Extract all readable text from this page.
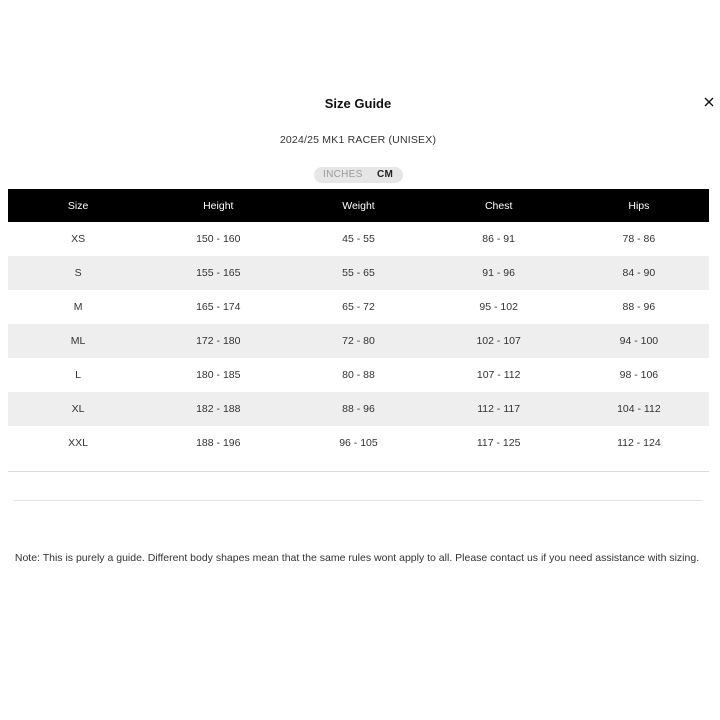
Size Guide
2024/25 MK1 RACER (UNISEX)
INCHES	CM
Size	Height	Weight	Chest	Hips
XS	150 - 160	45 - 55	86 - 91	78 - 86
S	155 - 165	55 - 65	91 - 96	84 - 90
M	165 - 174	65 - 72	95 - 102	88 - 96
ML	172 - 180	72 - 80	102 - 107	94 - 100
L	180 - 185	80 - 88	107 - 112	98 - 106
XL	182 - 188	88 - 96	112 - 117	104 - 112
XXL	188 - 196	96 - 105	117 - 125	112 - 124
Note: This is purely a guide. Different body shapes mean that the same rules wont apply to all. Please contact us if you need assistance with sizing.
